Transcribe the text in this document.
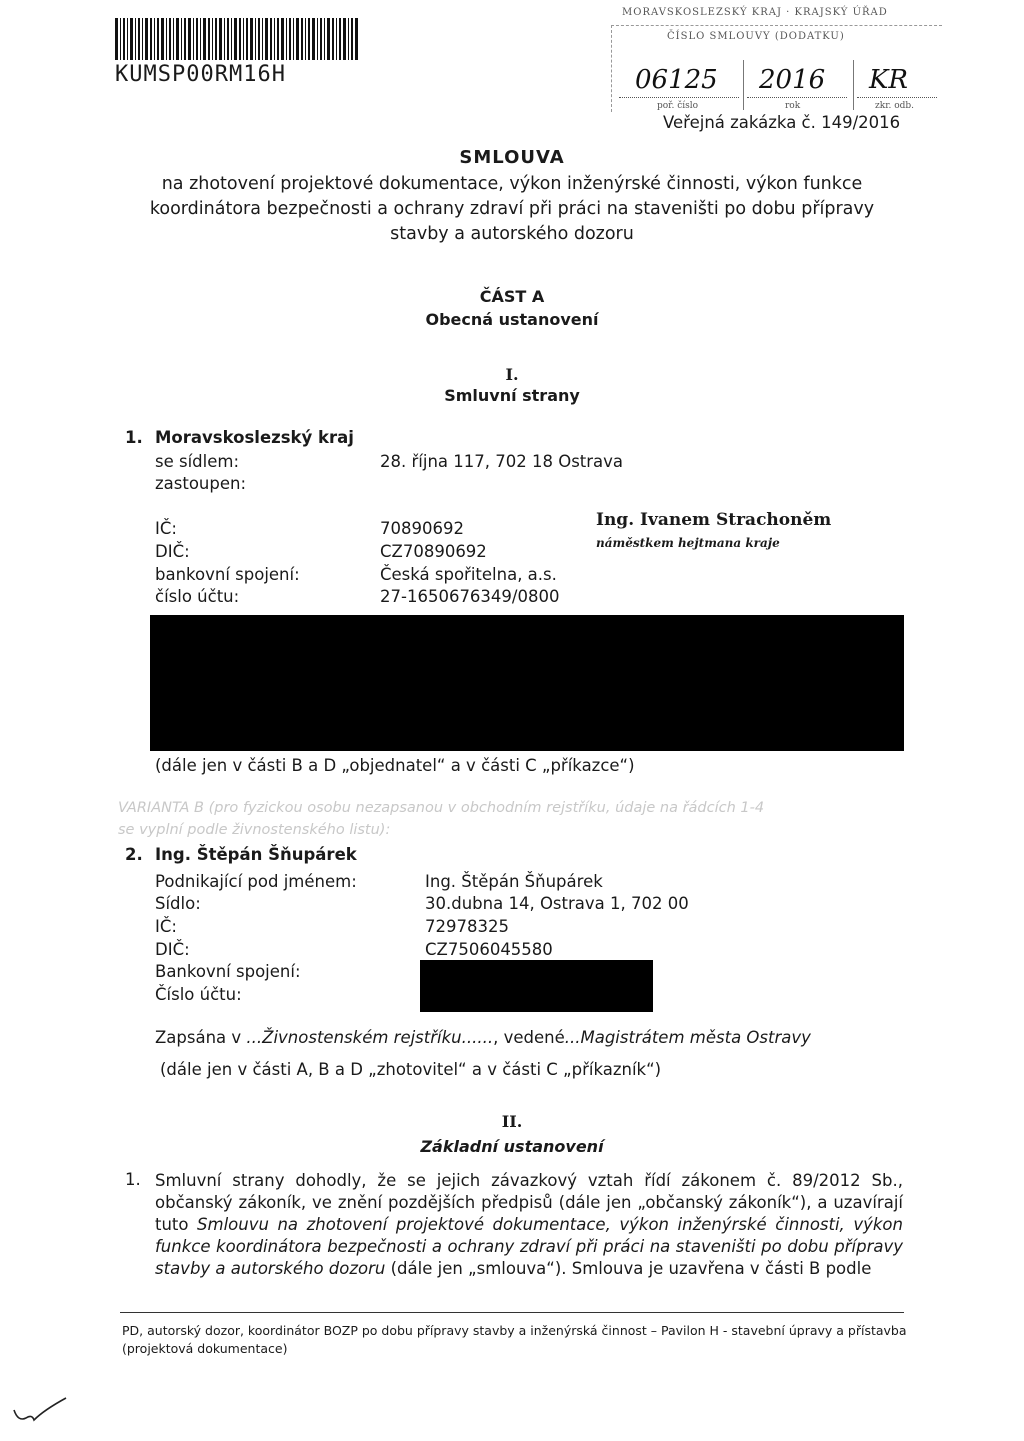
KUMSP00RM16H
MORAVSKOSLEZSKÝ KRAJ · KRAJSKÝ ÚŘAD
ČÍSLO SMLOUVY (DODATKU)
06125 2016 KR
poř. číslo	rok	zkr. odb.
Veřejná zakázka č. 149/2016
SMLOUVA
na zhotovení projektové dokumentace, výkon inženýrské činnosti, výkon funkce
koordinátora bezpečnosti a ochrany zdraví při práci na staveništi po dobu přípravy
stavby a autorského dozoru
ČÁST A
Obecná ustanovení
I.
Smluvní strany
1. Moravskoslezský kraj
se sídlem:	28. října 117, 702 18 Ostrava
zastoupen:
IČ:	70890692
DIČ:	CZ70890692
bankovní spojení:	Česká spořitelna, a.s.
číslo účtu:	27-1650676349/0800
Ing. Ivanem Strachoněm
náměstkem hejtmana kraje
(dále jen v části B a D „objednatel“ a v části C „příkazce“)
VARIANTA B (pro fyzickou osobu nezapsanou v obchodním rejstříku, údaje na řádcích 1-4
se vyplní podle živnostenského listu):
2. Ing. Štěpán Šňupárek
Podnikající pod jménem:	Ing. Štěpán Šňupárek
Sídlo:	30.dubna 14, Ostrava 1, 702 00
IČ:	72978325
DIČ:	CZ7506045580
Bankovní spojení:
Číslo účtu:
Zapsána v ...Živnostenském rejstříku......, vedené...Magistrátem města Ostravy
(dále jen v části A, B a D „zhotovitel“ a v části C „příkazník“)
II.
Základní ustanovení
1. Smluvní strany dohodly, že se jejich závazkový vztah řídí zákonem č. 89/2012 Sb., občanský zákoník, ve znění pozdějších předpisů (dále jen „občanský zákoník“), a uzavírají tuto Smlouvu na zhotovení projektové dokumentace, výkon inženýrské činnosti, výkon funkce koordinátora bezpečnosti a ochrany zdraví při práci na staveništi po dobu přípravy stavby a autorského dozoru (dále jen „smlouva“). Smlouva je uzavřena v části B podle
PD, autorský dozor, koordinátor BOZP po dobu přípravy stavby a inženýrská činnost – Pavilon H - stavební úpravy a přístavba (projektová dokumentace)
